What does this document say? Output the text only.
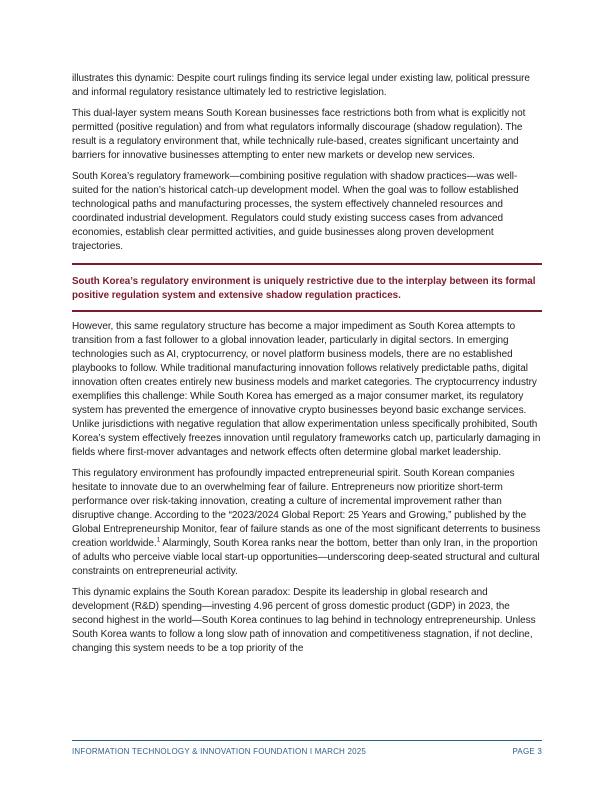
illustrates this dynamic: Despite court rulings finding its service legal under existing law, political pressure and informal regulatory resistance ultimately led to restrictive legislation.

This dual-layer system means South Korean businesses face restrictions both from what is explicitly not permitted (positive regulation) and from what regulators informally discourage (shadow regulation). The result is a regulatory environment that, while technically rule-based, creates significant uncertainty and barriers for innovative businesses attempting to enter new markets or develop new services.

South Korea’s regulatory framework—combining positive regulation with shadow practices—was well-suited for the nation’s historical catch-up development model. When the goal was to follow established technological paths and manufacturing processes, the system effectively channeled resources and coordinated industrial development. Regulators could study existing success cases from advanced economies, establish clear permitted activities, and guide businesses along proven development trajectories.

South Korea’s regulatory environment is uniquely restrictive due to the interplay between its formal positive regulation system and extensive shadow regulation practices.

However, this same regulatory structure has become a major impediment as South Korea attempts to transition from a fast follower to a global innovation leader, particularly in digital sectors. In emerging technologies such as AI, cryptocurrency, or novel platform business models, there are no established playbooks to follow. While traditional manufacturing innovation follows relatively predictable paths, digital innovation often creates entirely new business models and market categories. The cryptocurrency industry exemplifies this challenge: While South Korea has emerged as a major consumer market, its regulatory system has prevented the emergence of innovative crypto businesses beyond basic exchange services. Unlike jurisdictions with negative regulation that allow experimentation unless specifically prohibited, South Korea’s system effectively freezes innovation until regulatory frameworks catch up, particularly damaging in fields where first-mover advantages and network effects often determine global market leadership.

This regulatory environment has profoundly impacted entrepreneurial spirit. South Korean companies hesitate to innovate due to an overwhelming fear of failure. Entrepreneurs now prioritize short-term performance over risk-taking innovation, creating a culture of incremental improvement rather than disruptive change. According to the “2023/2024 Global Report: 25 Years and Growing,” published by the Global Entrepreneurship Monitor, fear of failure stands as one of the most significant deterrents to business creation worldwide.$^1$ Alarmingly, South Korea ranks near the bottom, better than only Iran, in the proportion of adults who perceive viable local start-up opportunities—underscoring deep-seated structural and cultural constraints on entrepreneurial activity.

This dynamic explains the South Korean paradox: Despite its leadership in global research and development (R&D) spending—investing 4.96 percent of gross domestic product (GDP) in 2023, the second highest in the world—South Korea continues to lag behind in technology entrepreneurship. Unless South Korea wants to follow a long slow path of innovation and competitiveness stagnation, if not decline, changing this system needs to be a top priority of the

INFORMATION TECHNOLOGY & INNOVATION FOUNDATION I MARCH 2025	PAGE 3
